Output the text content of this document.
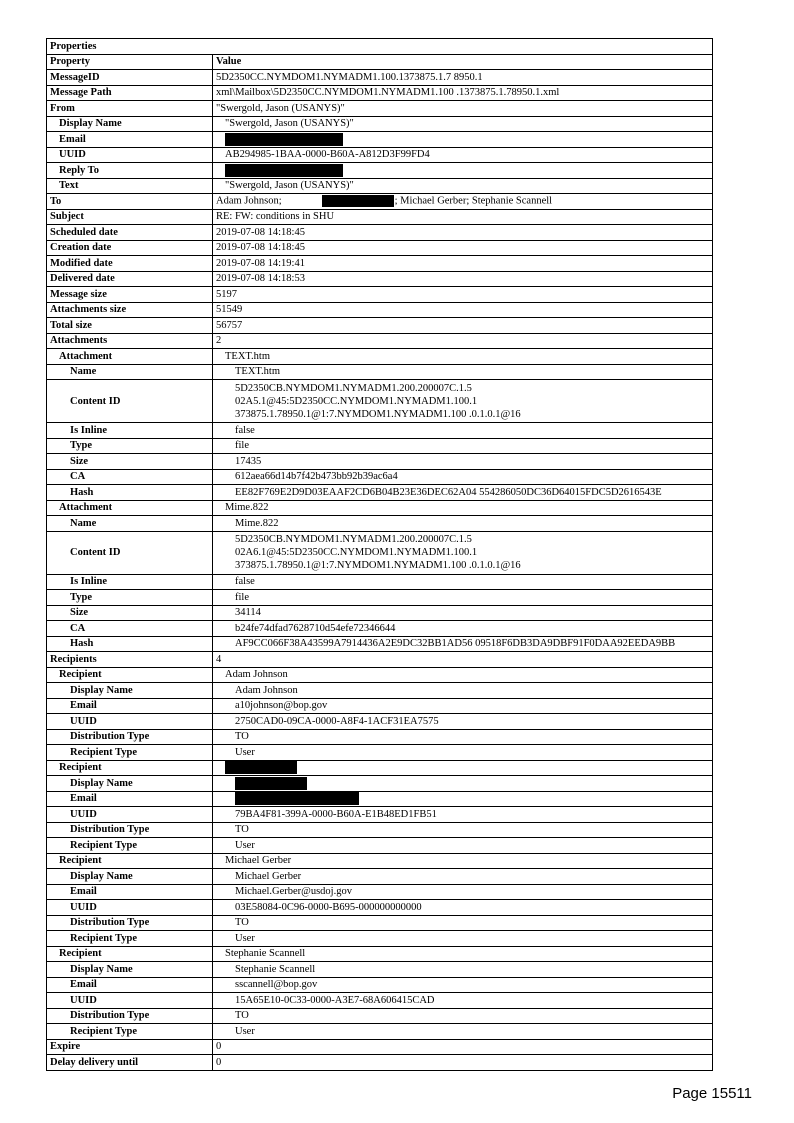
Properties	
Property	Value
MessageID	5D2350CC.NYMDOM1.NYMADM1.100.1373875.1.7 8950.1
Message Path	xml\Mailbox\5D2350CC.NYMDOM1.NYMADM1.100 .1373875.1.78950.1.xml
From	"Swergold, Jason (USANYS)"
Display Name	"Swergold, Jason (USANYS)"
Email	
UUID	AB294985-1BAA-0000-B60A-A812D3F99FD4
Reply To	
Text	"Swergold, Jason (USANYS)"
To	Adam Johnson; ; Michael Gerber; Stephanie Scannell
Subject	RE: FW: conditions in SHU
Scheduled date	2019-07-08 14:18:45
Creation date	2019-07-08 14:18:45
Modified date	2019-07-08 14:19:41
Delivered date	2019-07-08 14:18:53
Message size	5197
Attachments size	51549
Total size	56757
Attachments	2
Attachment	TEXT.htm
Name	TEXT.htm
Content ID	5D2350CB.NYMDOM1.NYMADM1.200.200007C.1.5
02A5.1@45:5D2350CC.NYMDOM1.NYMADM1.100.1
373875.1.78950.1@1:7.NYMDOM1.NYMADM1.100 .0.1.0.1@16

Is Inline	false
Type	file
Size	17435
CA	612aea66d14b7f42b473bb92b39ac6a4
Hash	EE82F769E2D9D03EAAF2CD6B04B23E36DEC62A04 554286050DC36D64015FDC5D2616543E
Attachment	Mime.822
Name	Mime.822
Content ID	5D2350CB.NYMDOM1.NYMADM1.200.200007C.1.5
02A6.1@45:5D2350CC.NYMDOM1.NYMADM1.100.1
373875.1.78950.1@1:7.NYMDOM1.NYMADM1.100 .0.1.0.1@16

Is Inline	false
Type	file
Size	34114
CA	b24fe74dfad7628710d54efe72346644
Hash	AF9CC066F38A43599A7914436A2E9DC32BB1AD56 09518F6DB3DA9DBF91F0DAA92EEDA9BB
Recipients	4
Recipient	Adam Johnson
Display Name	Adam Johnson
Email	a10johnson@bop.gov
UUID	2750CAD0-09CA-0000-A8F4-1ACF31EA7575
Distribution Type	TO
Recipient Type	User
Recipient	
Display Name	
Email	
UUID	79BA4F81-399A-0000-B60A-E1B48ED1FB51
Distribution Type	TO
Recipient Type	User
Recipient	Michael Gerber
Display Name	Michael Gerber
Email	Michael.Gerber@usdoj.gov
UUID	03E58084-0C96-0000-B695-000000000000
Distribution Type	TO
Recipient Type	User
Recipient	Stephanie Scannell
Display Name	Stephanie Scannell
Email	sscannell@bop.gov
UUID	15A65E10-0C33-0000-A3E7-68A606415CAD
Distribution Type	TO
Recipient Type	User
Expire	0
Delay delivery until	0
Page 15511
